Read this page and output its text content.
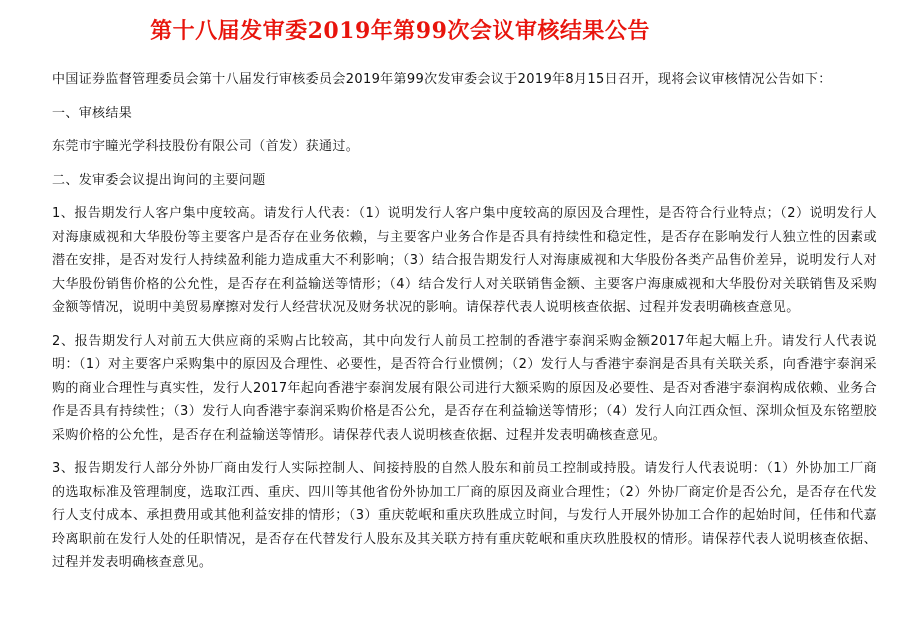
第十八届发审委2019年第99次会议审核结果公告

中国证券监督管理委员会第十八届发行审核委员会2019年第99次发审委会议于2019年8月15日召开，现将会议审核情况公告如下：

一、审核结果

东莞市宇瞳光学科技股份有限公司（首发）获通过。

二、发审委会议提出询问的主要问题

1、报告期发行人客户集中度较高。请发行人代表：（1）说明发行人客户集中度较高的原因及合理性，是否符合行业特点；（2）说明发行人对海康威视和大华股份等主要客户是否存在业务依赖，与主要客户业务合作是否具有持续性和稳定性，是否存在影响发行人独立性的因素或潜在安排，是否对发行人持续盈利能力造成重大不利影响；（3）结合报告期发行人对海康威视和大华股份各类产品售价差异，说明发行人对大华股份销售价格的公允性，是否存在利益输送等情形；（4）结合发行人对关联销售金额、主要客户海康威视和大华股份对关联销售及采购金额等情况，说明中美贸易摩擦对发行人经营状况及财务状况的影响。请保荐代表人说明核查依据、过程并发表明确核查意见。

2、报告期发行人对前五大供应商的采购占比较高，其中向发行人前员工控制的香港宇泰润采购金额2017年起大幅上升。请发行人代表说明：（1）对主要客户采购集中的原因及合理性、必要性，是否符合行业惯例；（2）发行人与香港宇泰润是否具有关联关系，向香港宇泰润采购的商业合理性与真实性，发行人2017年起向香港宇泰润发展有限公司进行大额采购的原因及必要性、是否对香港宇泰润构成依赖、业务合作是否具有持续性；（3）发行人向香港宇泰润采购价格是否公允，是否存在利益输送等情形；（4）发行人向江西众恒、深圳众恒及东铭塑胶采购价格的公允性，是否存在利益输送等情形。请保荐代表人说明核查依据、过程并发表明确核查意见。

3、报告期发行人部分外协厂商由发行人实际控制人、间接持股的自然人股东和前员工控制或持股。请发行人代表说明：（1）外协加工厂商的选取标准及管理制度，选取江西、重庆、四川等其他省份外协加工厂商的原因及商业合理性；（2）外协厂商定价是否公允，是否存在代发行人支付成本、承担费用或其他利益安排的情形；（3）重庆乾岷和重庆玖胜成立时间，与发行人开展外协加工合作的起始时间，任伟和代嘉玲离职前在发行人处的任职情况，是否存在代替发行人股东及其关联方持有重庆乾岷和重庆玖胜股权的情形。请保荐代表人说明核查依据、过程并发表明确核查意见。
